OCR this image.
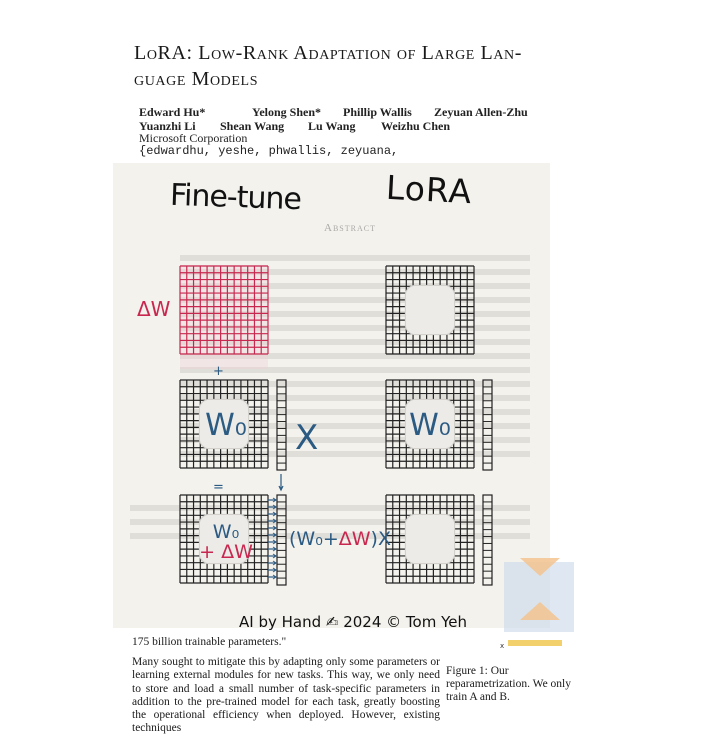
LoRA: Low-Rank Adaptation of Large Lan-
guage Models
Edward Hu*	Yelong Shen* Phillip Wallis Zeyuan Allen-Zhu
Yuanzhi Li Shean Wang Lu Wang Weizhu Chen
Microsoft Corporation
{edwardhu, yeshe, phwallis, zeyuana,
Abstract
Fine-tune	LoRA
ΔW
+
=
X
W₀	W₀
W₀
+ ΔW
(W₀+ΔW)X
x
AI by Hand ✍ 2024 © Tom Yeh
175 billion trainable parameters."

Many sought to mitigate this by adapting only some parameters or learning external modules for new tasks. This way, we only need to store and load a small number of task-specific parameters in addition to the pre-trained model for each task, greatly boosting the operational efficiency when deployed. However, existing techniques

Figure 1: Our reparametrization. We only train A and B.
